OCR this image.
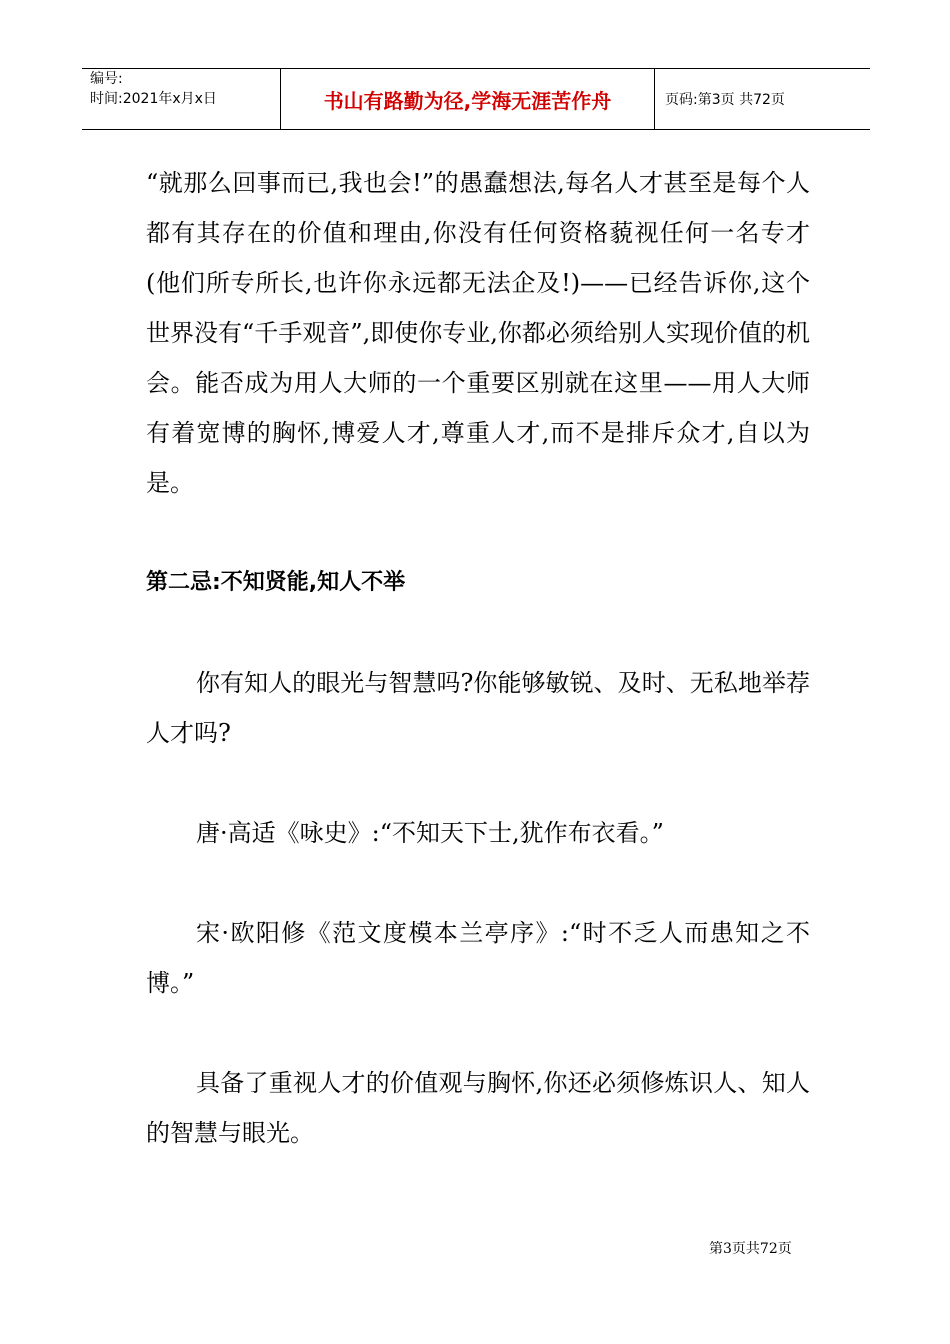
编号:
时间:2021年x月x日	书山有路勤为径,学海无涯苦作舟	页码:第3页 共72页

“就那么回事而已,我也会!”的愚蠢想法,每名人才甚至是每个人都有其存在的价值和理由,你没有任何资格藐视任何一名专才(他们所专所长,也许你永远都无法企及!)——已经告诉你,这个世界没有“千手观音”,即使你专业,你都必须给别人实现价值的机会。能否成为用人大师的一个重要区别就在这里——用人大师有着宽博的胸怀,博爱人才,尊重人才,而不是排斥众才,自以为是。

第二忌:不知贤能,知人不举

你有知人的眼光与智慧吗?你能够敏锐、及时、无私地举荐人才吗?

唐·高适《咏史》:“不知天下士,犹作布衣看。”

宋·欧阳修《范文度模本兰亭序》:“时不乏人而患知之不博。”

具备了重视人才的价值观与胸怀,你还必须修炼识人、知人的智慧与眼光。

第3页共72页
